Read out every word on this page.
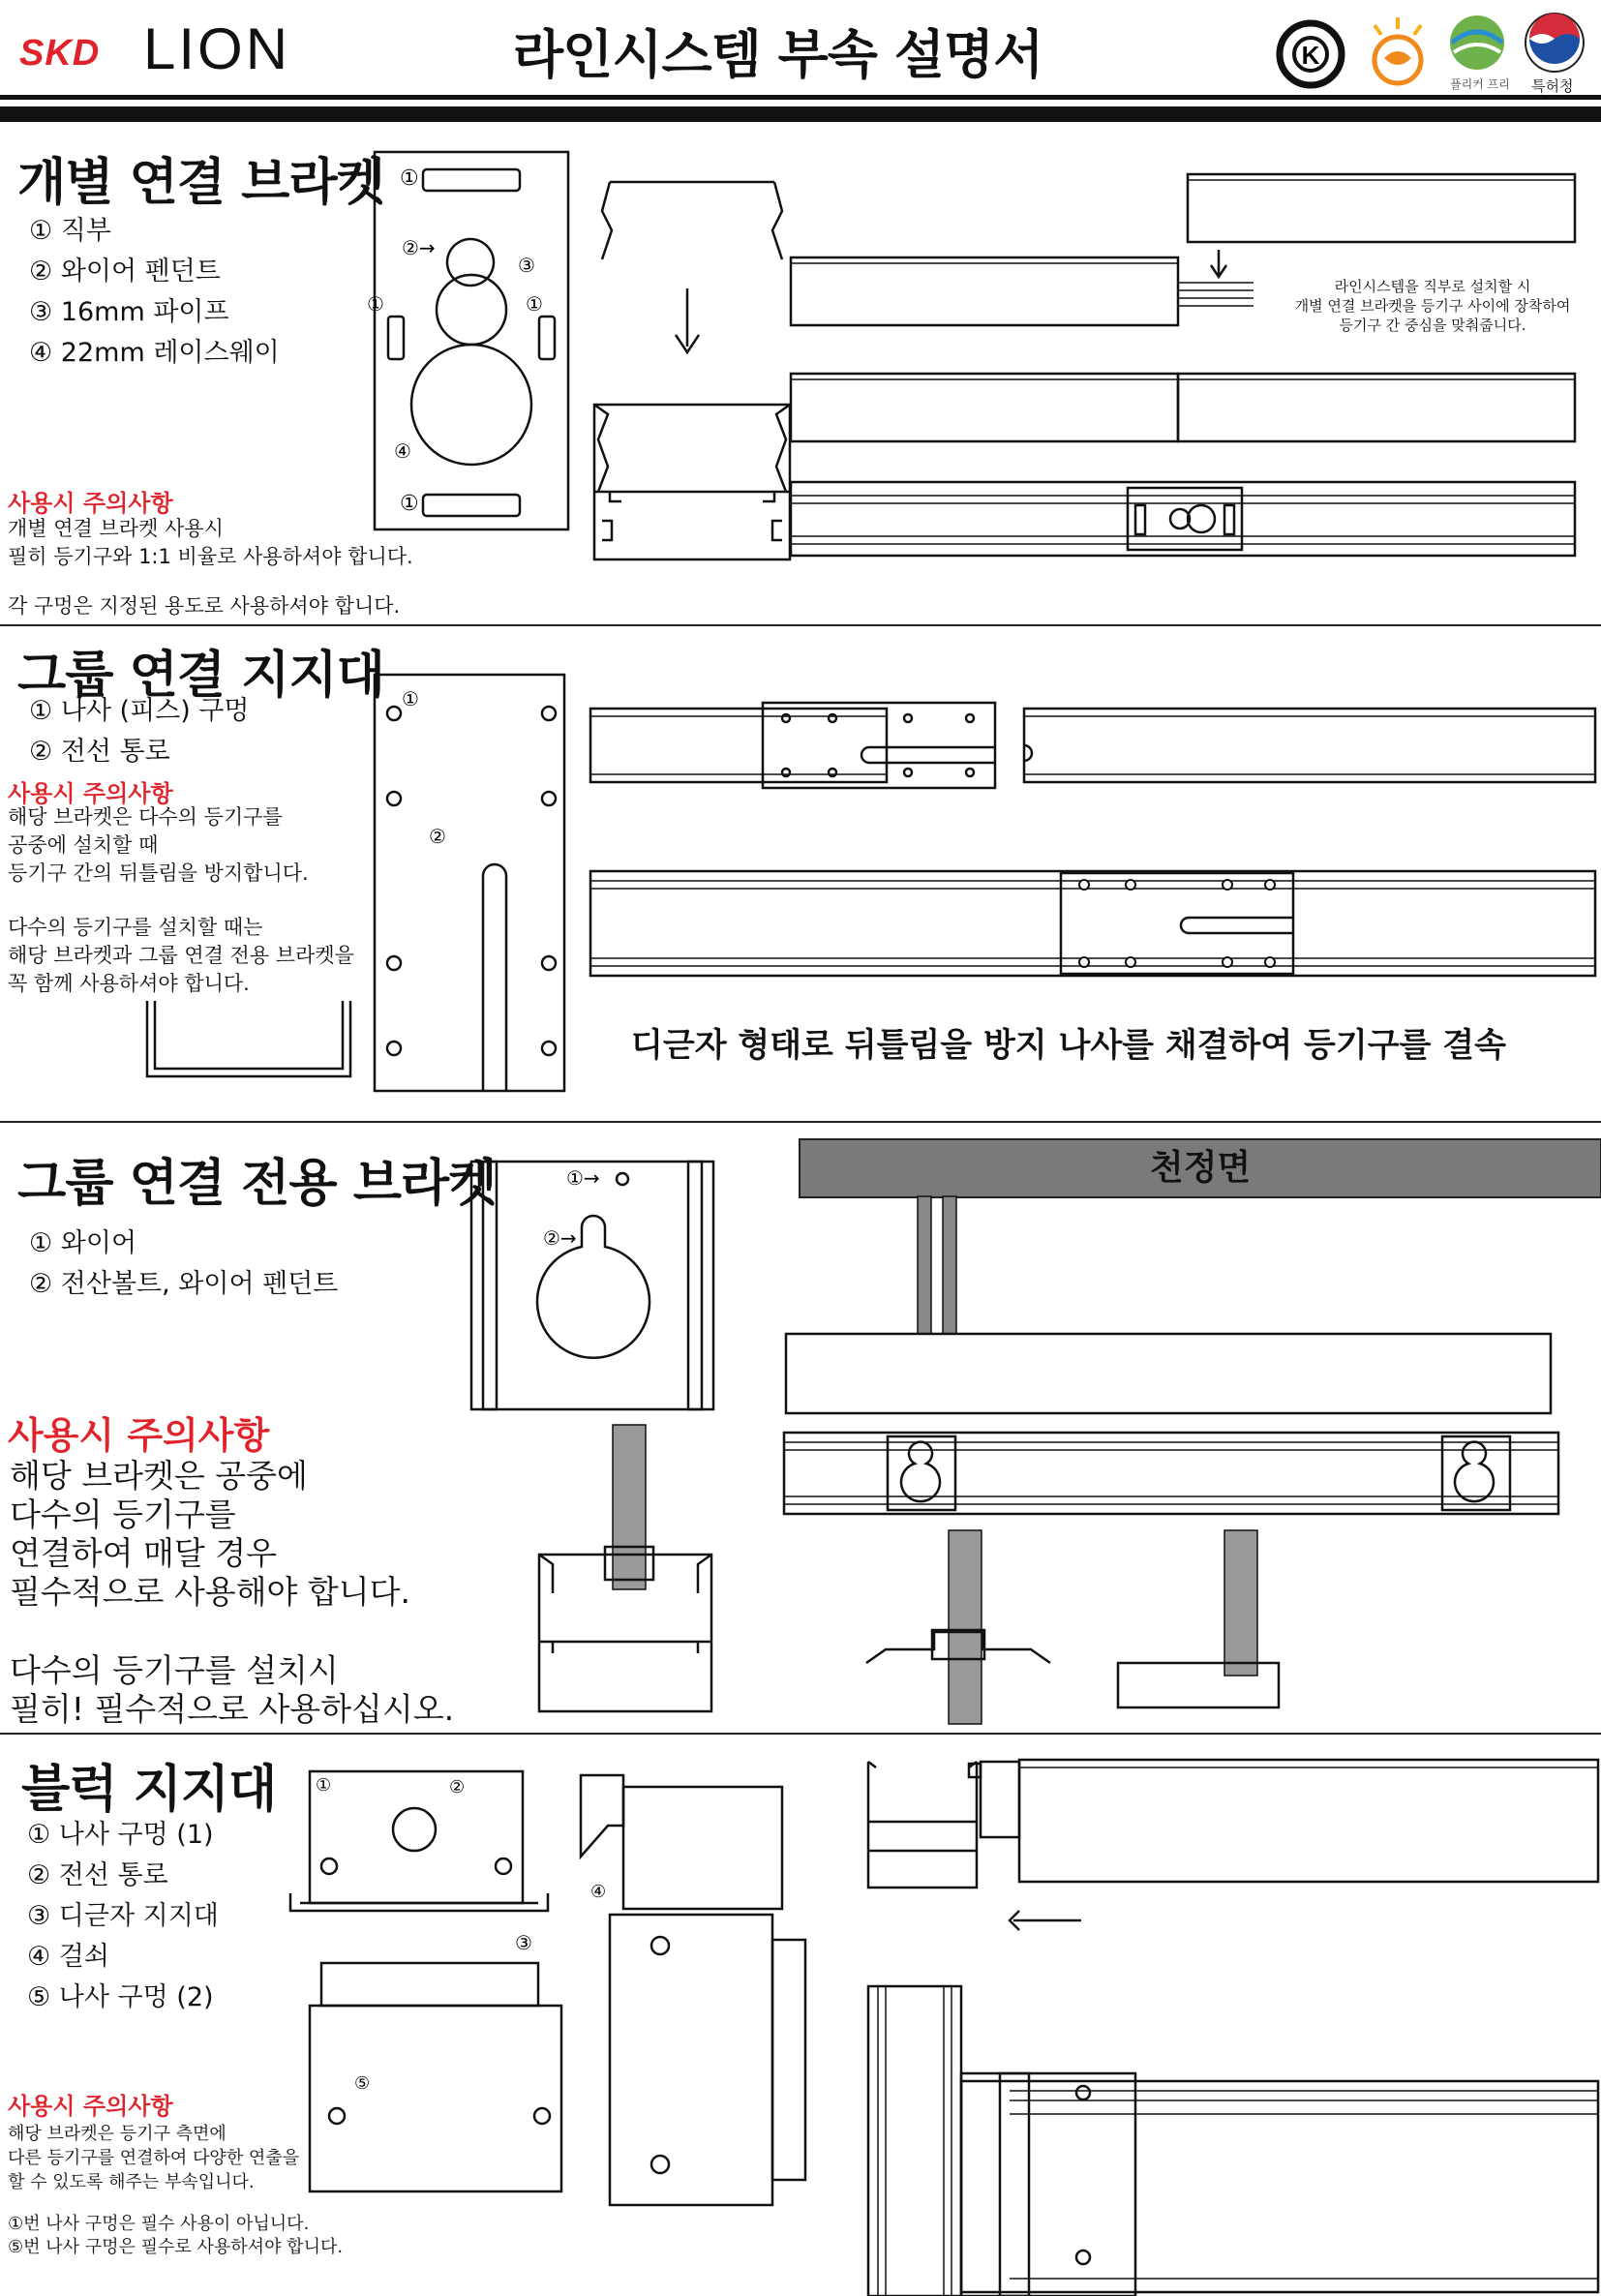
SKD LION	라인시스템 부속 설명서	K
플리커 프리 특허청
개별 연결 브라켓
① 직부
② 와이어 펜던트
③ 16mm 파이프
④ 22mm 레이스웨이
사용시 주의사항
개별 연결 브라켓 사용시
필히 등기구와 1:1 비율로 사용하셔야 합니다.
각 구멍은 지정된 용도로 사용하셔야 합니다.
①
②→
③
①	①
④
①
라인시스템을 직부로 설치할 시
개별 연결 브라켓을 등기구 사이에 장착하여
등기구 간 중심을 맞춰줍니다.
그룹 연결 지지대
① 나사 (피스) 구멍
② 전선 통로
사용시 주의사항
해당 브라켓은 다수의 등기구를
공중에 설치할 때
등기구 간의 뒤틀림을 방지합니다.
다수의 등기구를 설치할 때는
해당 브라켓과 그룹 연결 전용 브라켓을
꼭 함께 사용하셔야 합니다.
①
②
디귿자 형태로 뒤틀림을 방지 나사를 채결하여 등기구를 결속
그룹 연결 전용 브라켓
① 와이어
② 전산볼트, 와이어 펜던트
사용시 주의사항
해당 브라켓은 공중에
다수의 등기구를
연결하여 매달 경우
필수적으로 사용해야 합니다.
다수의 등기구를 설치시
필히! 필수적으로 사용하십시오.
①→
②→
천정면
블럭 지지대
① 나사 구멍 (1)
② 전선 통로
③ 디귿자 지지대
④ 걸쇠
⑤ 나사 구멍 (2)
사용시 주의사항
해당 브라켓은 등기구 측면에
다른 등기구를 연결하여 다양한 연출을
할 수 있도록 해주는 부속입니다.
①번 나사 구멍은 필수 사용이 아닙니다.
⑤번 나사 구멍은 필수로 사용하셔야 합니다.
①	②
③
④
⑤
